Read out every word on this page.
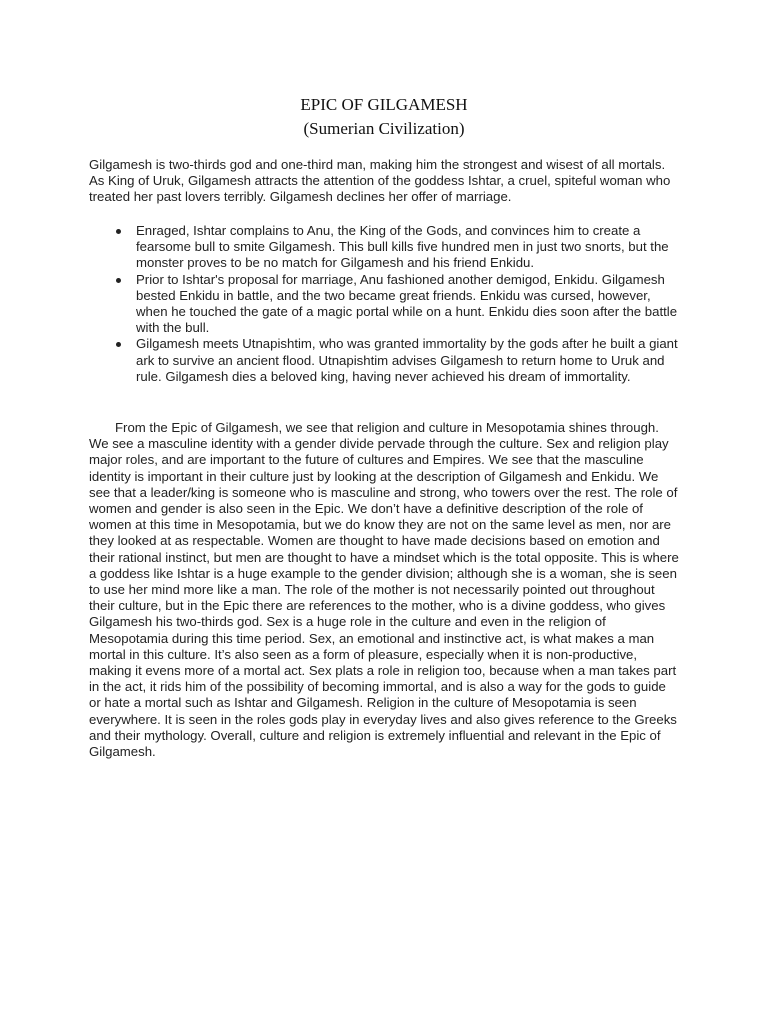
EPIC OF GILGAMESH
(Sumerian Civilization)

Gilgamesh is two-thirds god and one-third man, making him the strongest and wisest of all mortals. As King of Uruk, Gilgamesh attracts the attention of the goddess Ishtar, a cruel, spiteful woman who treated her past lovers terribly. Gilgamesh declines her offer of marriage.

Enraged, Ishtar complains to Anu, the King of the Gods, and convinces him to create a fearsome bull to smite Gilgamesh. This bull kills five hundred men in just two snorts, but the monster proves to be no match for Gilgamesh and his friend Enkidu.
Prior to Ishtar's proposal for marriage, Anu fashioned another demigod, Enkidu. Gilgamesh bested Enkidu in battle, and the two became great friends. Enkidu was cursed, however, when he touched the gate of a magic portal while on a hunt. Enkidu dies soon after the battle with the bull.
Gilgamesh meets Utnapishtim, who was granted immortality by the gods after he built a giant ark to survive an ancient flood. Utnapishtim advises Gilgamesh to return home to Uruk and rule. Gilgamesh dies a beloved king, having never achieved his dream of immortality.

From the Epic of Gilgamesh, we see that religion and culture in Mesopotamia shines through. We see a masculine identity with a gender divide pervade through the culture. Sex and religion play major roles, and are important to the future of cultures and Empires. We see that the masculine identity is important in their culture just by looking at the description of Gilgamesh and Enkidu. We see that a leader/king is someone who is masculine and strong, who towers over the rest. The role of women and gender is also seen in the Epic. We don’t have a definitive description of the role of women at this time in Mesopotamia, but we do know they are not on the same level as men, nor are they looked at as respectable. Women are thought to have made decisions based on emotion and their rational instinct, but men are thought to have a mindset which is the total opposite. This is where a goddess like Ishtar is a huge example to the gender division; although she is a woman, she is seen to use her mind more like a man. The role of the mother is not necessarily pointed out throughout their culture, but in the Epic there are references to the mother, who is a divine goddess, who gives Gilgamesh his two-thirds god. Sex is a huge role in the culture and even in the religion of Mesopotamia during this time period. Sex, an emotional and instinctive act, is what makes a man mortal in this culture. It’s also seen as a form of pleasure, especially when it is non-productive, making it evens more of a mortal act. Sex plats a role in religion too, because when a man takes part in the act, it rids him of the possibility of becoming immortal, and is also a way for the gods to guide or hate a mortal such as Ishtar and Gilgamesh. Religion in the culture of Mesopotamia is seen everywhere. It is seen in the roles gods play in everyday lives and also gives reference to the Greeks and their mythology. Overall, culture and religion is extremely influential and relevant in the Epic of Gilgamesh.
